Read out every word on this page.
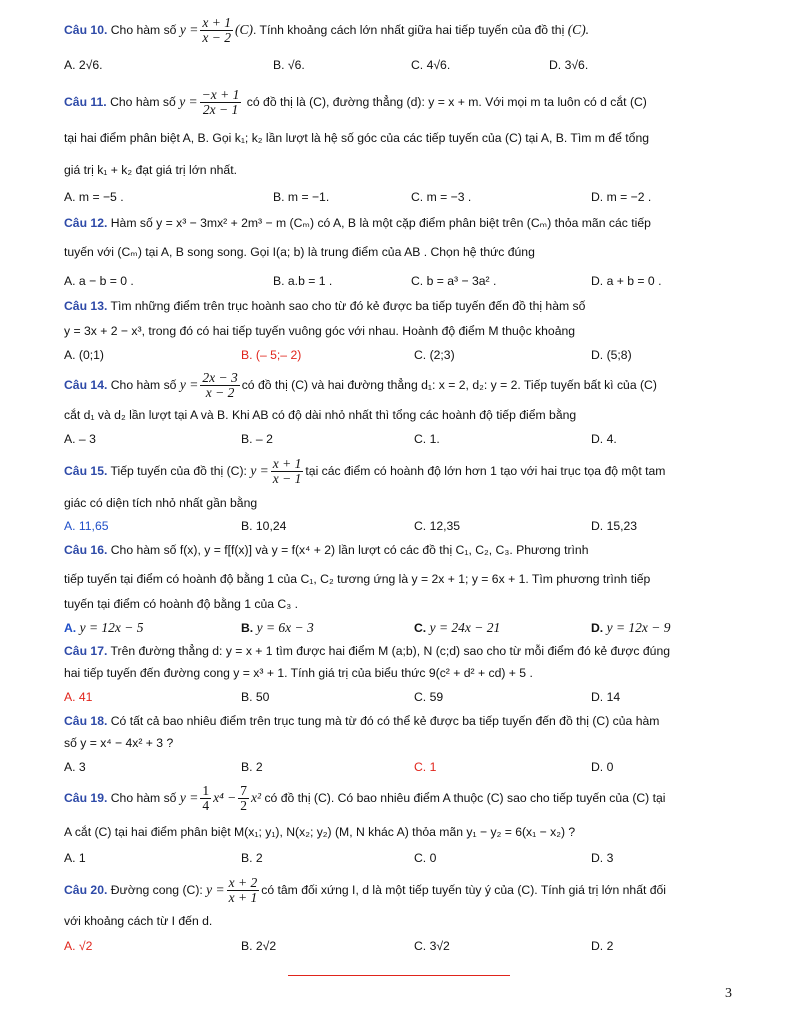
Câu 10. Cho hàm số $y = \frac{x + 1}{x - 2} (C)$. Tính khoảng cách lớn nhất giữa hai tiếp tuyến của đồ thị (C).
A. 2√6.	B. √6.	C. 4√6.	D. 3√6.
Câu 11. Cho hàm số $y = \frac{-x + 1}{2x - 1}$ có đồ thị là (C), đường thẳng (d): y = x + m. Với mọi m ta luôn có d cắt (C)
tại hai điểm phân biệt A, B. Gọi k₁; k₂ lần lượt là hệ số góc của các tiếp tuyến của (C) tại A, B. Tìm m để tổng
giá trị k₁ + k₂ đạt giá trị lớn nhất.
A. m = −5 .	B. m = −1.	C. m = −3 .	D. m = −2 .
Câu 12. Hàm số y = x³ − 3mx² + 2m³ − m (Cₘ) có A, B là một cặp điểm phân biệt trên (Cₘ) thỏa mãn các tiếp
tuyến với (Cₘ) tại A, B song song. Gọi I(a; b) là trung điểm của AB . Chọn hệ thức đúng
A. a − b = 0 .	B. a.b = 1 .	C. b = a³ − 3a² .	D. a + b = 0 .
Câu 13. Tìm những điểm trên trục hoành sao cho từ đó kẻ được ba tiếp tuyến đến đồ thị hàm số
y = 3x + 2 − x³, trong đó có hai tiếp tuyến vuông góc với nhau. Hoành độ điểm M thuộc khoảng
A. (0;1)	B. (– 5;– 2)	C. (2;3)	D. (5;8)
Câu 14. Cho hàm số $y = \frac{2x - 3}{x - 2}$ có đồ thị (C) và hai đường thẳng d₁: x = 2, d₂: y = 2. Tiếp tuyến bất kì của (C)
cắt d₁ và d₂ lần lượt tại A và B. Khi AB có độ dài nhỏ nhất thì tổng các hoành độ tiếp điểm bằng
A. – 3	B. – 2	C. 1.	D. 4.
Câu 15. Tiếp tuyến của đồ thị (C): $y = \frac{x + 1}{x - 1}$ tại các điểm có hoành độ lớn hơn 1 tạo với hai trục tọa độ một tam
giác có diện tích nhỏ nhất gần bằng
A. 11,65	B. 10,24	C. 12,35	D. 15,23
Câu 16. Cho hàm số f(x), y = f[f(x)] và y = f(x⁴ + 2) lần lượt có các đồ thị C₁, C₂, C₃. Phương trình
tiếp tuyến tại điểm có hoành độ bằng 1 của C₁, C₂ tương ứng là y = 2x + 1; y = 6x + 1. Tìm phương trình tiếp
tuyến tại điểm có hoành độ bằng 1 của C₃ .
A. y = 12x − 5	B. y = 6x − 3	C. y = 24x − 21	D. y = 12x − 9
Câu 17. Trên đường thẳng d: y = x + 1 tìm được hai điểm M (a;b), N (c;d) sao cho từ mỗi điểm đó kẻ được đúng
hai tiếp tuyến đến đường cong y = x³ + 1. Tính giá trị của biểu thức 9(c² + d² + cd) + 5 .
A. 41	B. 50	C. 59	D. 14
Câu 18. Có tất cả bao nhiêu điểm trên trục tung mà từ đó có thể kẻ được ba tiếp tuyến đến đồ thị (C) của hàm
số y = x⁴ − 4x² + 3 ?
A. 3	B. 2	C. 1	D. 0
Câu 19. Cho hàm số $y = \frac{1}{4} x^4 - \frac{7}{2} x^2$ có đồ thị (C). Có bao nhiêu điểm A thuộc (C) sao cho tiếp tuyến của (C) tại
A cắt (C) tại hai điểm phân biệt M(x₁; y₁), N(x₂; y₂) (M, N khác A) thỏa mãn y₁ − y₂ = 6(x₁ − x₂) ?
A. 1	B. 2	C. 0	D. 3
Câu 20. Đường cong (C): $y = \frac{x + 2}{x + 1}$ có tâm đối xứng I, d là một tiếp tuyến tùy ý của (C). Tính giá trị lớn nhất đối
với khoảng cách từ I đến d.
A. √2	B. 2√2	C. 3√2	D. 2
3
